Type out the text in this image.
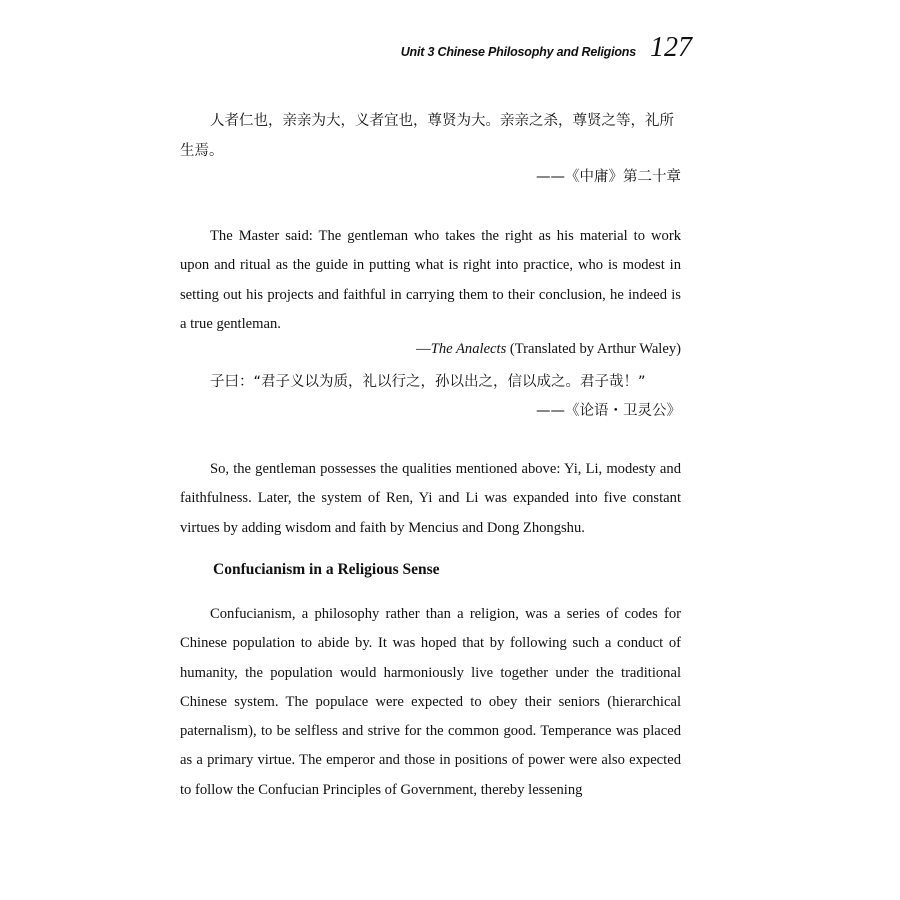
Unit 3 Chinese Philosophy and Religions 127
人者仁也，亲亲为大，义者宜也，尊贤为大。亲亲之杀，尊贤之等，礼所生焉。
——《中庸》第二十章

The Master said: The gentleman who takes the right as his material to work upon and ritual as the guide in putting what is right into practice, who is modest in setting out his projects and faithful in carrying them to their conclusion, he indeed is a true gentleman.

—The Analects (Translated by Arthur Waley)
子曰：“君子义以为质，礼以行之，孙以出之，信以成之。君子哉！”
——《论语・卫灵公》

So, the gentleman possesses the qualities mentioned above: Yi, Li, modesty and faithfulness. Later, the system of Ren, Yi and Li was expanded into five constant virtues by adding wisdom and faith by Mencius and Dong Zhongshu.

Confucianism in a Religious Sense

Confucianism, a philosophy rather than a religion, was a series of codes for Chinese population to abide by. It was hoped that by following such a conduct of humanity, the population would harmoniously live together under the traditional Chinese system. The populace were expected to obey their seniors (hierarchical paternalism), to be selfless and strive for the common good. Temperance was placed as a primary virtue. The emperor and those in positions of power were also expected to follow the Confucian Principles of Government, thereby lessening
